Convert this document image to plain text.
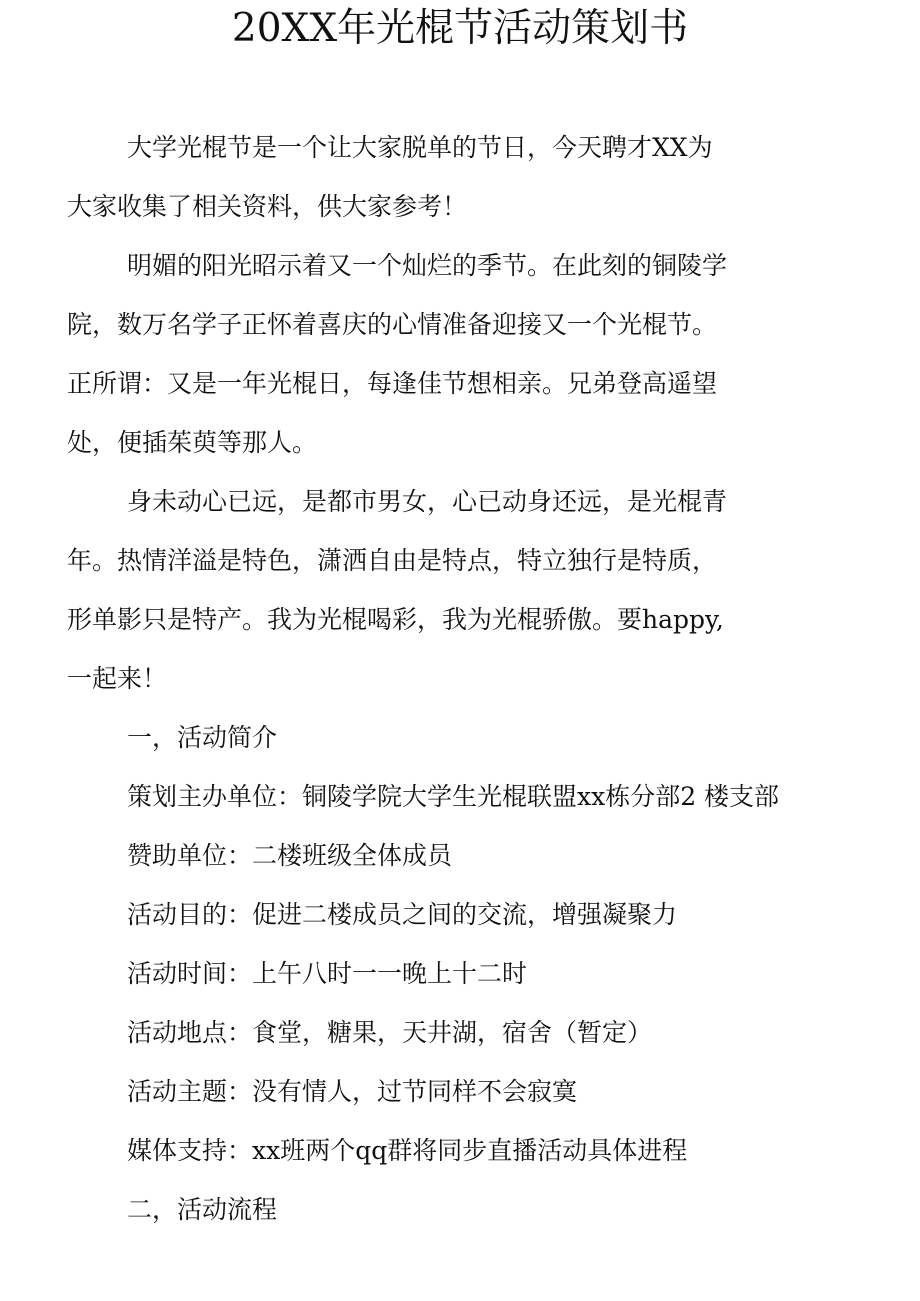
20XX年光棍节活动策划书
大学光棍节是一个让大家脱单的节日，今天聘才XX为
大家收集了相关资料，供大家参考！
明媚的阳光昭示着又一个灿烂的季节。在此刻的铜陵学
院，数万名学子正怀着喜庆的心情准备迎接又一个光棍节。
正所谓：又是一年光棍日，每逢佳节想相亲。兄弟登高遥望
处，便插茱萸等那人。
身未动心已远，是都市男女，心已动身还远，是光棍青
年。热情洋溢是特色，潇洒自由是特点，特立独行是特质，
形单影只是特产。我为光棍喝彩，我为光棍骄傲。要happy,
一起来！
一，活动简介
策划主办单位：铜陵学院大学生光棍联盟xx栋分部2 楼支部
赞助单位：二楼班级全体成员
活动目的：促进二楼成员之间的交流，增强凝聚力
活动时间：上午八时一一晚上十二时
活动地点：食堂，糖果，天井湖，宿舍（暂定）
活动主题：没有情人，过节同样不会寂寞
媒体支持：xx班两个qq群将同步直播活动具体进程
二，活动流程
